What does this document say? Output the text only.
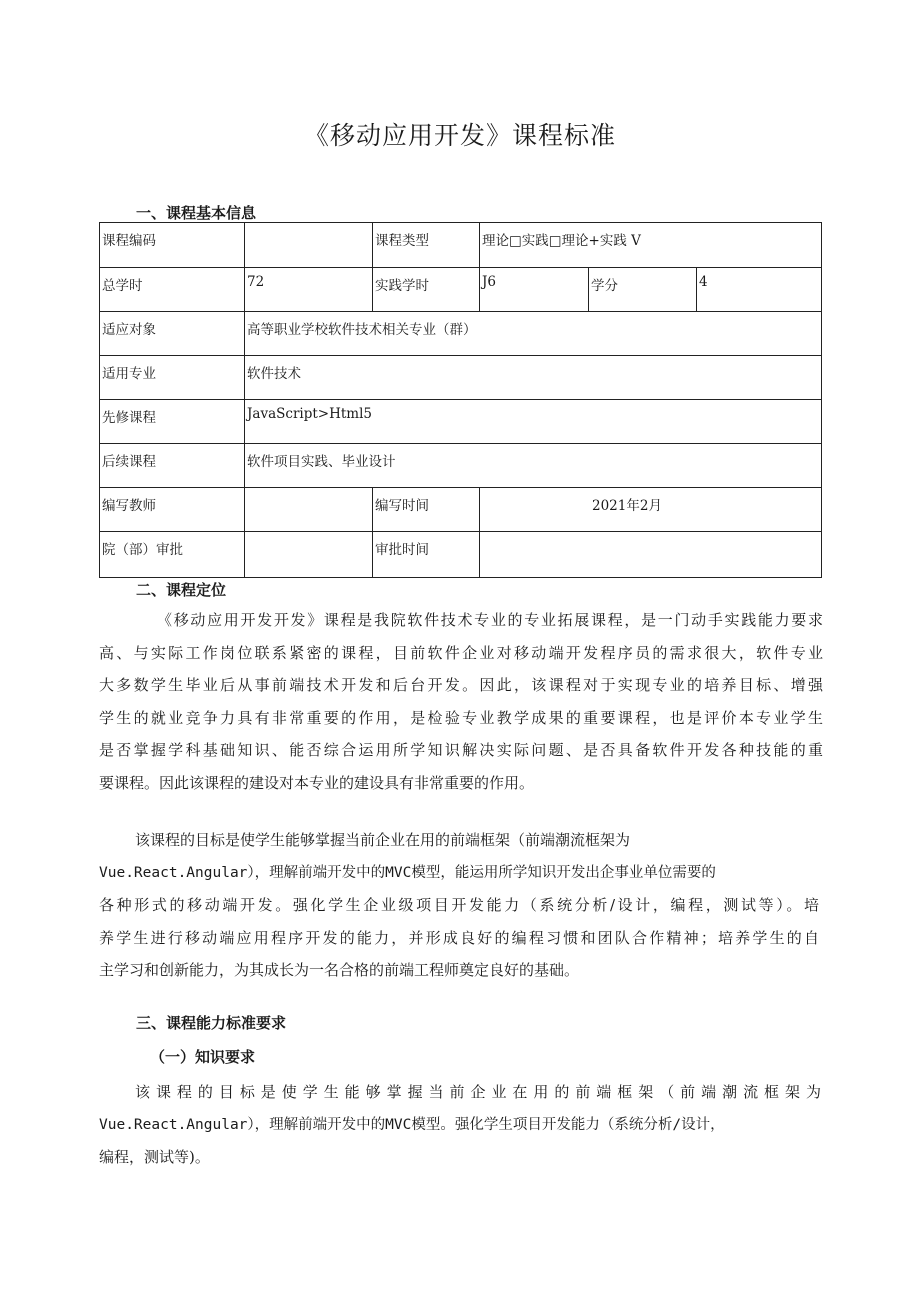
《移动应用开发》课程标准
一、课程基本信息
课程编码		课程类型	理论□实践□理论+实践 V		
总学时	72	实践学时	J6	学分	4
适应对象	高等职业学校软件技术相关专业（群）				
适用专业	软件技术				
先修课程	JavaScript>Html5				
后续课程	软件项目实践、毕业设计				
编写教师		编写时间	2021年2月		
院（部）审批		审批时间			
二、课程定位

《移动应用开发开发》课程是我院软件技术专业的专业拓展课程，是一门动手实践能力要求

高、与实际工作岗位联系紧密的课程，目前软件企业对移动端开发程序员的需求很大，软件专业

大多数学生毕业后从事前端技术开发和后台开发。因此，该课程对于实现专业的培养目标、增强

学生的就业竞争力具有非常重要的作用，是检验专业教学成果的重要课程，也是评价本专业学生

是否掌握学科基础知识、能否综合运用所学知识解决实际问题、是否具备软件开发各种技能的重

要课程。因此该课程的建设对本专业的建设具有非常重要的作用。

该课程的目标是使学生能够掌握当前企业在用的前端框架（前端潮流框架为

Vue.React.Angular），理解前端开发中的MVC模型，能运用所学知识开发出企事业单位需要的

各种形式的移动端开发。强化学生企业级项目开发能力（系统分析/设计，编程，测试等）。培

养学生进行移动端应用程序开发的能力，并形成良好的编程习惯和团队合作精神；培养学生的自

主学习和创新能力，为其成长为一名合格的前端工程师奠定良好的基础。

三、课程能力标准要求
（一）知识要求

该课程的目标是使学生能够掌握当前企业在用的前端框架（前端潮流框架为

Vue.React.Angular），理解前端开发中的MVC模型。强化学生项目开发能力（系统分析/设计，

编程，测试等)。
